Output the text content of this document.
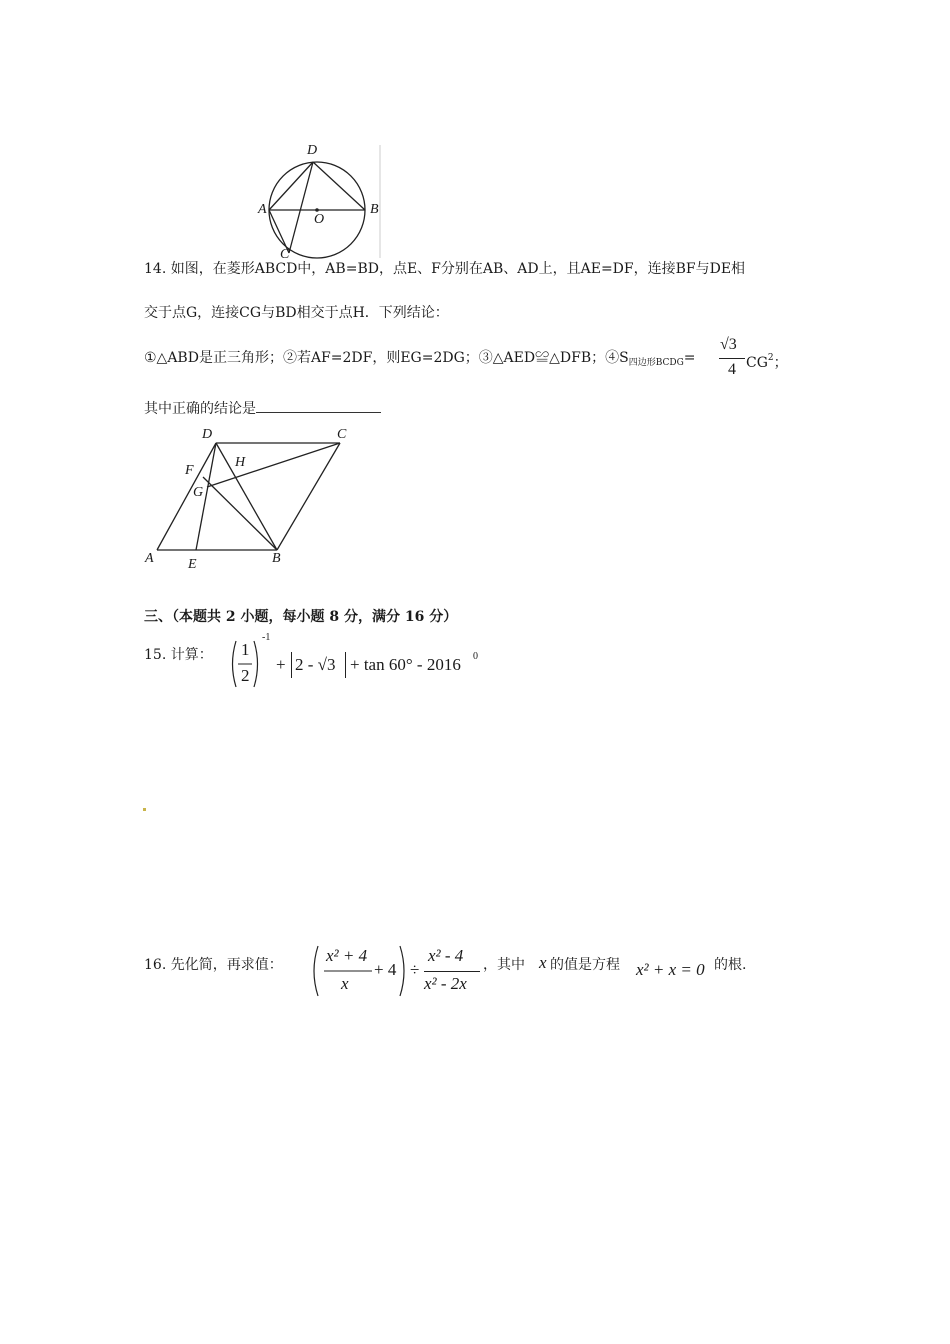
D
A
O
B
C
14. 如图，在菱形ABCD中，AB=BD，点E、F分别在AB、AD上，且AE=DF，连接BF与DE相
交于点G，连接CG与BD相交于点H．下列结论：
①△ABD是正三角形；②若AF=2DF，则EG=2DG；③△AED≌△DFB；$④S_{四边形BCDG}=$
√3
4 $CG^2$；
其中正确的结论是
D	C
H
F
G
A E	B
三、（本题共 2 小题，每小题 8 分，满分 16 分）
15. 计算： 1
2
-1
+ 2 - √3 + tan 60° - 2016 0
16. 先化简，再求值：	x² + 4
x
+ 4 ÷
x² - 4
x² - 2x
，其中 x 的值是方程 x² + x = 0 的根.
